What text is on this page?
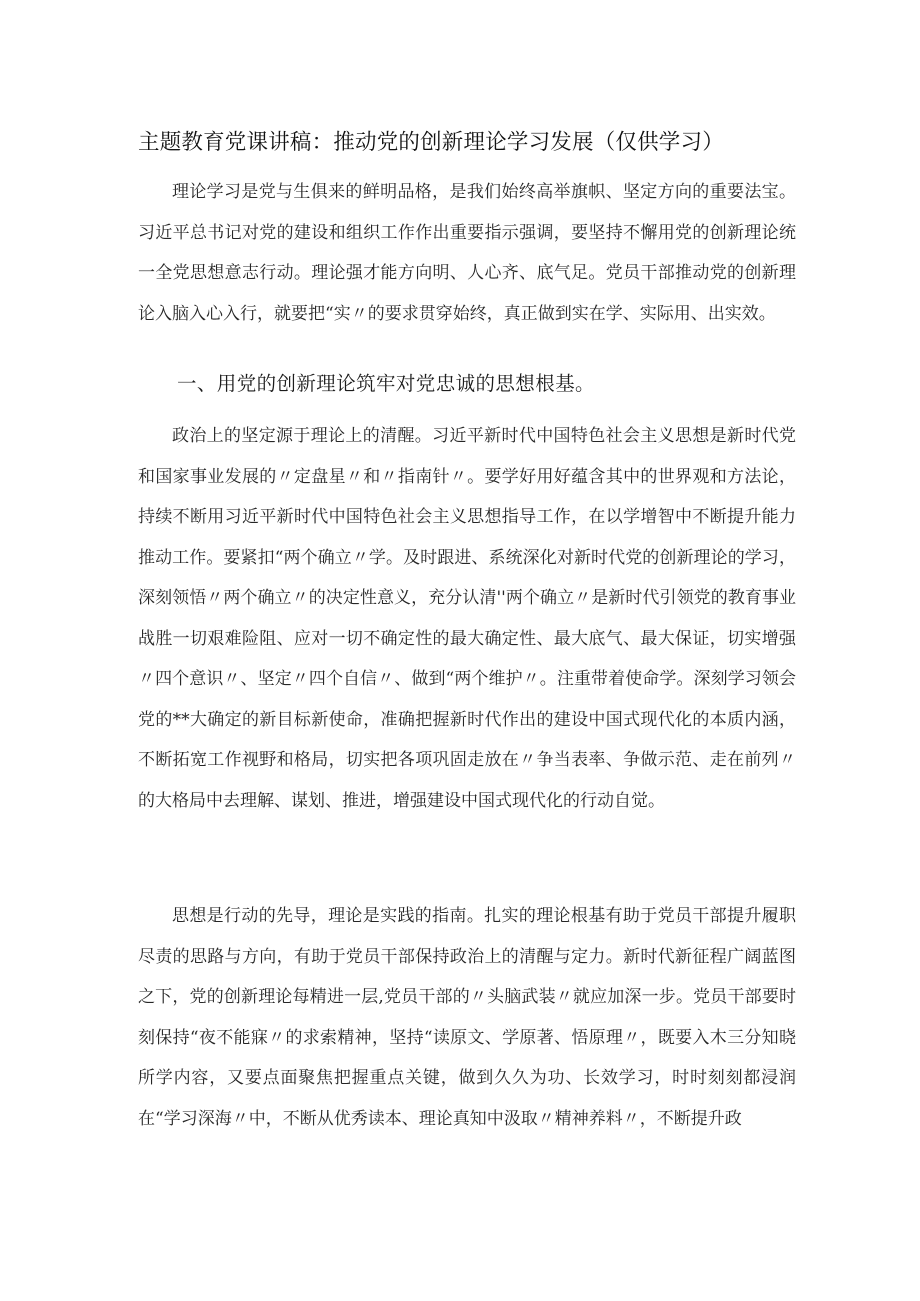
主题教育党课讲稿：推动党的创新理论学习发展（仅供学习）

理论学习是党与生俱来的鲜明品格，是我们始终高举旗帜、坚定方向的重要法宝。习近平总书记对党的建设和组织工作作出重要指示强调，要坚持不懈用党的创新理论统一全党思想意志行动。理论强才能方向明、人心齐、底气足。党员干部推动党的创新理论入脑入心入行，就要把“实〃的要求贯穿始终，真正做到实在学、实际用、出实效。

一、用党的创新理论筑牢对党忠诚的思想根基。

政治上的坚定源于理论上的清醒。习近平新时代中国特色社会主义思想是新时代党和国家事业发展的〃定盘星〃和〃指南针〃。要学好用好蕴含其中的世界观和方法论，持续不断用习近平新时代中国特色社会主义思想指导工作，在以学增智中不断提升能力推动工作。要紧扣“两个确立〃学。及时跟进、系统深化对新时代党的创新理论的学习，深刻领悟〃两个确立〃的决定性意义，充分认清''两个确立〃是新时代引领党的教育事业战胜一切艰难险阻、应对一切不确定性的最大确定性、最大底气、最大保证，切实增强〃四个意识〃、坚定〃四个自信〃、做到“两个维护〃。注重带着使命学。深刻学习领会党的**大确定的新目标新使命，准确把握新时代作出的建设中国式现代化的本质内涵，不断拓宽工作视野和格局，切实把各项巩固走放在〃争当表率、争做示范、走在前列〃的大格局中去理解、谋划、推进，增强建设中国式现代化的行动自觉。

思想是行动的先导，理论是实践的指南。扎实的理论根基有助于党员干部提升履职尽责的思路与方向，有助于党员干部保持政治上的清醒与定力。新时代新征程广阔蓝图之下，党的创新理论每精进一层,党员干部的〃头脑武装〃就应加深一步。党员干部要时刻保持“夜不能寐〃的求索精神，坚持“读原文、学原著、悟原理〃，既要入木三分知晓所学内容，又要点面聚焦把握重点关键，做到久久为功、长效学习，时时刻刻都浸润在“学习深海〃中，不断从优秀读本、理论真知中汲取〃精神养料〃，不断提升政
